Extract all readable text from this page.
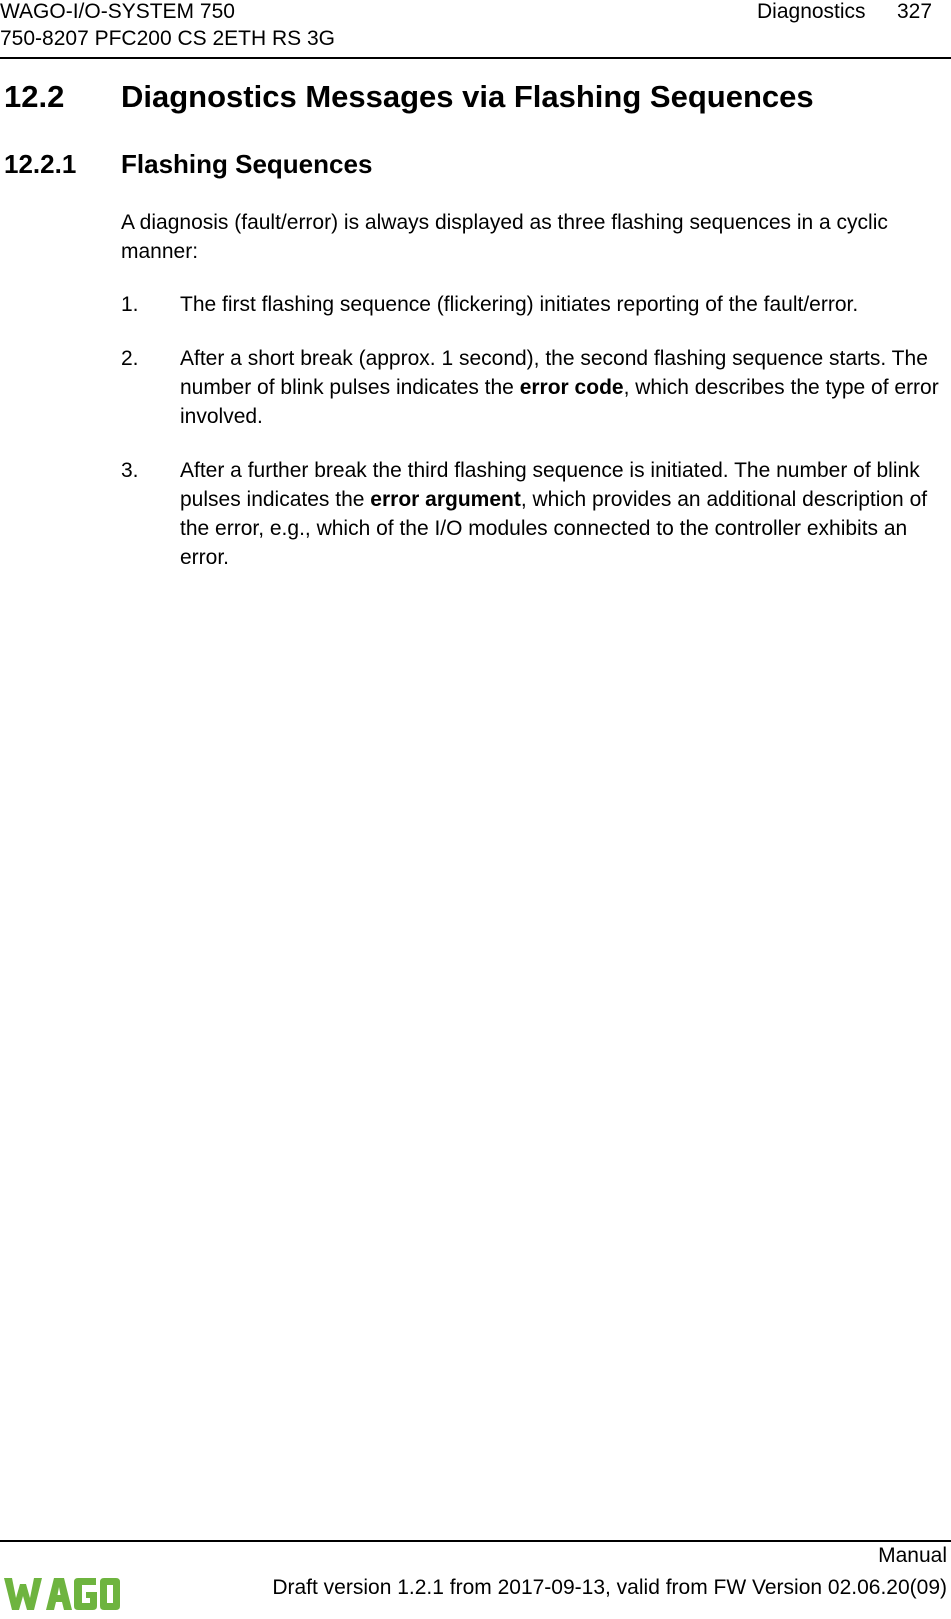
WAGO-I/O-SYSTEM 750
750-8207 PFC200 CS 2ETH RS 3G
Diagnostics 327
12.2 Diagnostics Messages via Flashing Sequences
12.2.1 Flashing Sequences
A diagnosis (fault/error) is always displayed as three flashing sequences in a cyclic manner:
1. The first flashing sequence (flickering) initiates reporting of the fault/error.
2. After a short break (approx. 1 second), the second flashing sequence starts. The number of blink pulses indicates the error code, which describes the type of error involved.
3. After a further break the third flashing sequence is initiated. The number of blink pulses indicates the error argument, which provides an additional description of the error, e.g., which of the I/O modules connected to the controller exhibits an error.
Manual
Draft version 1.2.1 from 2017-09-13, valid from FW Version 02.06.20(09)
